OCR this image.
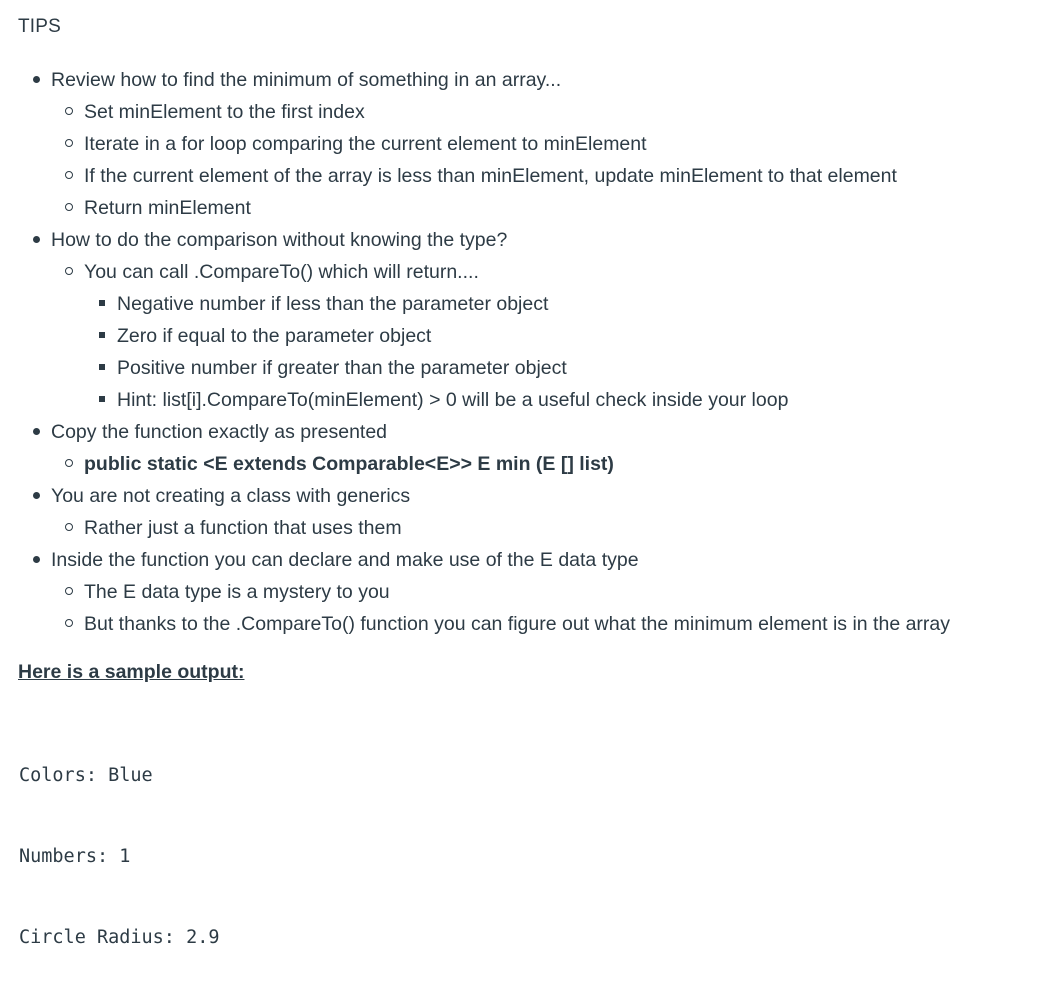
TIPS
Review how to find the minimum of something in an array...
Set minElement to the first index
Iterate in a for loop comparing the current element to minElement
If the current element of the array is less than minElement, update minElement to that element
Return minElement
How to do the comparison without knowing the type?
You can call .CompareTo() which will return....
Negative number if less than the parameter object
Zero if equal to the parameter object
Positive number if greater than the parameter object
Hint: list[i].CompareTo(minElement) > 0 will be a useful check inside your loop
Copy the function exactly as presented
public static <E extends Comparable<E>> E min (E [] list)
You are not creating a class with generics
Rather just a function that uses them
Inside the function you can declare and make use of the E data type
The E data type is a mystery to you
But thanks to the .CompareTo() function you can figure out what the minimum element is in the array
Here is a sample output:

Colors: Blue

Numbers: 1

Circle Radius: 2.9
